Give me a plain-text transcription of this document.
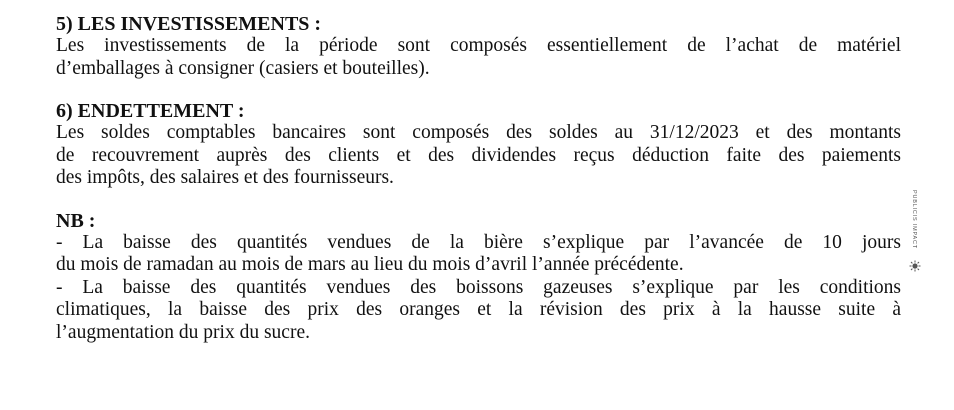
5) LES INVESTISSEMENTS :

Les investissements de la période sont composés essentiellement de l’achat de matériel
d’emballages à consigner (casiers et bouteilles).

6) ENDETTEMENT :

Les soldes comptables bancaires sont composés des soldes au 31/12/2023 et des montants
de recouvrement auprès des clients et des dividendes reçus déduction faite des paiements
des impôts, des salaires et des fournisseurs.

NB :

- La baisse des quantités vendues de la bière s’explique par l’avancée de 10 jours
du mois de ramadan au mois de mars au lieu du mois d’avril l’année précédente.
- La baisse des quantités vendues des boissons gazeuses s’explique par les conditions
climatiques, la baisse des prix des oranges et la révision des prix à la hausse suite à
l’augmentation du prix du sucre.

PUBLICIS IMPACT
